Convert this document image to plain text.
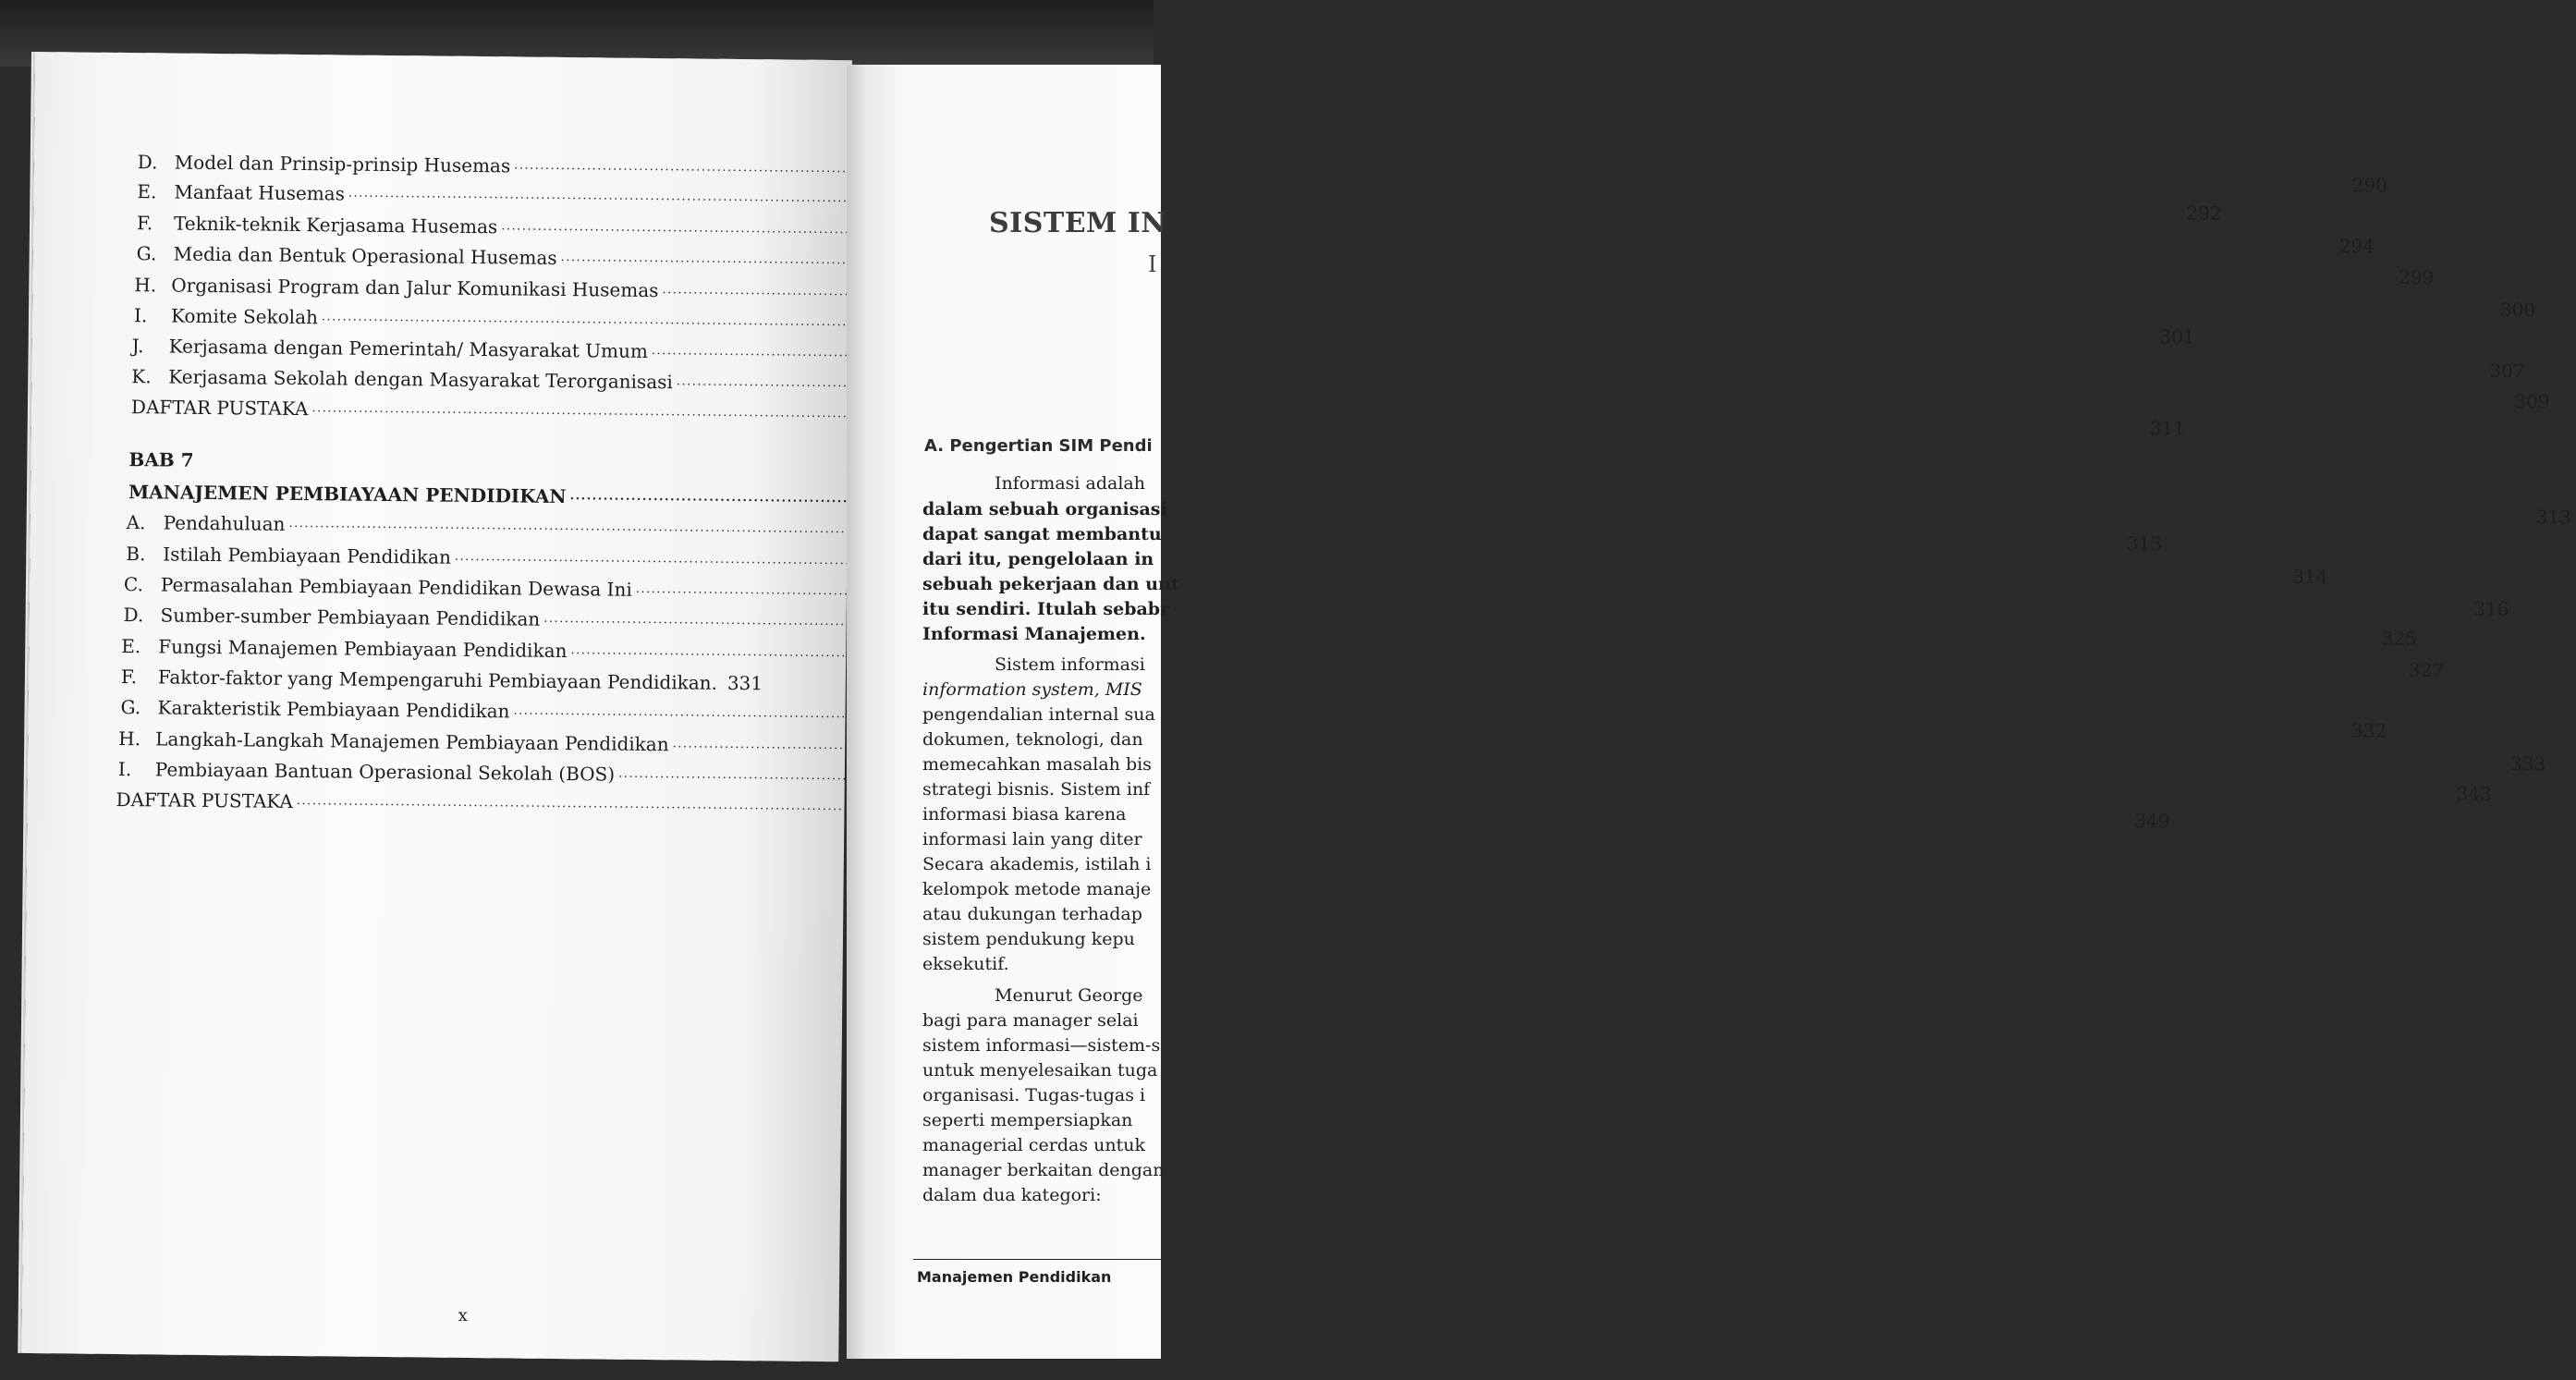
D. Model dan Prinsip-prinsip Husemas
.....
290
E. Manfaat Husemas
.....
292
F.	Teknik-teknik Kerjasama Husemas
.....
294
G. Media dan Bentuk Operasional Husemas
.....
299
H. Organisasi Program dan Jalur Komunikasi Husemas
.....
300
I.	Komite Sekolah
.....
301
J.	Kerjasama dengan Pemerintah/ Masyarakat Umum
.....
307
K. Kerjasama Sekolah dengan Masyarakat Terorganisasi
.....
309
DAFTAR PUSTAKA
.....
311
BAB 7
MANAJEMEN PEMBIAYAAN PENDIDIKAN
.....
313
A. Pendahuluan
.....
313
B. Istilah Pembiayaan Pendidikan
.....
314
C. Permasalahan Pembiayaan Pendidikan Dewasa Ini
.....
316
D. Sumber-sumber Pembiayaan Pendidikan
.....
325
E. Fungsi Manajemen Pembiayaan Pendidikan
.....
327
F.	Faktor-faktor yang Mempengaruhi Pembiayaan Pendidikan.
..... 331
G. Karakteristik Pembiayaan Pendidikan
.....
332
H. Langkah-Langkah Manajemen Pembiayaan Pendidikan
.....
333
I.	Pembiayaan Bantuan Operasional Sekolah (BOS)
.....
343
DAFTAR PUSTAKA
.....
349
x
SISTEM IN
I
A. Pengertian SIM Pendi
Informasi adalah
dalam sebuah organisasi
dapat sangat membantu
dari itu, pengelolaan in
sebuah pekerjaan dan unt
itu sendiri. Itulah sebabr
Informasi Manajemen.
Sistem informasi
information system, MIS
pengendalian internal sua
dokumen, teknologi, dan
memecahkan masalah bis
strategi bisnis. Sistem inf
informasi biasa karena
informasi lain yang diter
Secara akademis, istilah i
kelompok metode manaje
atau dukungan terhadap
sistem pendukung kepu
eksekutif.
Menurut George
bagi para manager selai
sistem informasi—sistem-s
untuk menyelesaikan tuga
organisasi. Tugas-tugas i
seperti mempersiapkan
managerial cerdas untuk
manager berkaitan dengan
dalam dua kategori:
Manajemen Pendidikan
